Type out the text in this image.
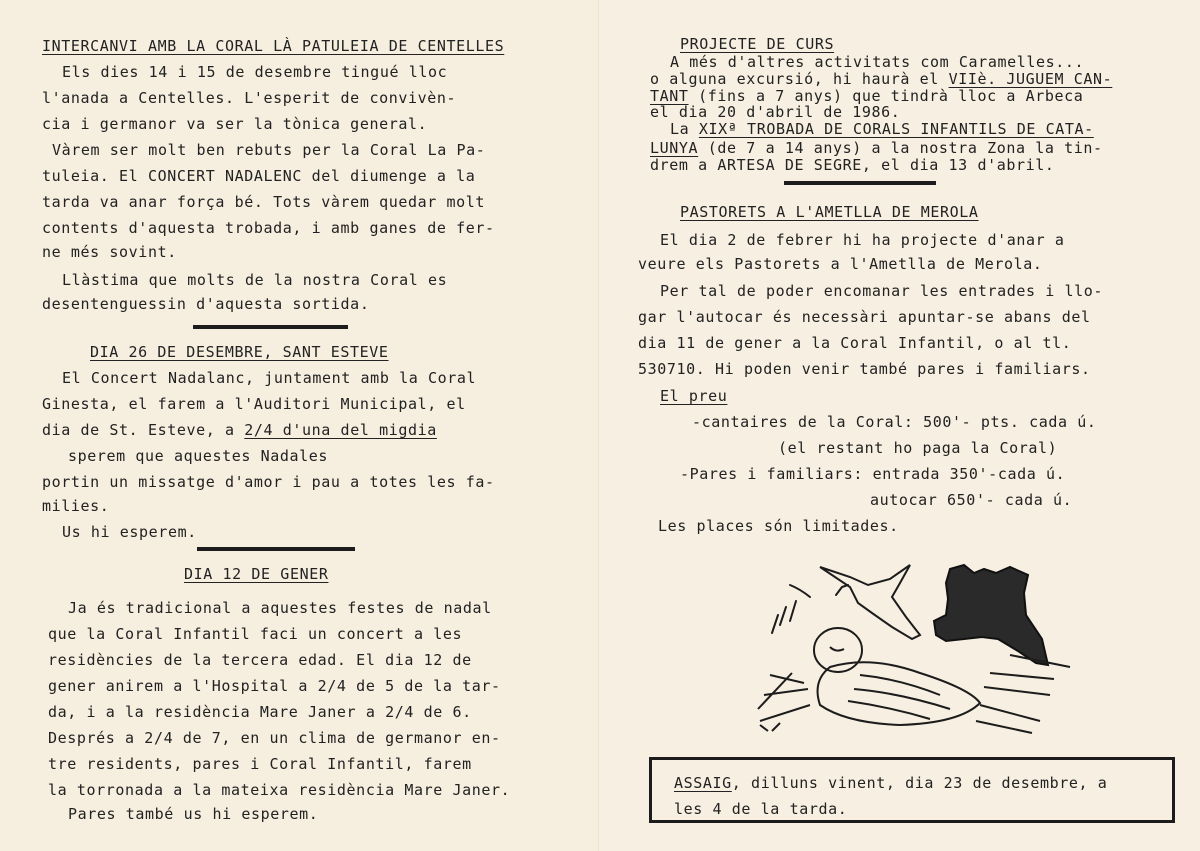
INTERCANVI AMB LA CORAL LÀ PATULEIA DE CENTELLES
Els dies 14 i 15 de desembre tingué lloc
l'anada a Centelles. L'esperit de convivèn-
cia i germanor va ser la tònica general.
Vàrem ser molt ben rebuts per la Coral La Pa-
tuleia. El CONCERT NADALENC del diumenge a la
tarda va anar força bé. Tots vàrem quedar molt
contents d'aquesta trobada, i amb ganes de fer-
ne més sovint.
Llàstima que molts de la nostra Coral es
desentenguessin d'aquesta sortida.
DIA 26 DE DESEMBRE, SANT ESTEVE
El Concert Nadalanc, juntament amb la Coral
Ginesta, el farem a l'Auditori Municipal, el
dia de St. Esteve, a 2/4 d'una del migdia
sperem que aquestes Nadales
portin un missatge d'amor i pau a totes les fa-
milies.
Us hi esperem.
DIA 12 DE GENER
Ja és tradicional a aquestes festes de nadal
que la Coral Infantil faci un concert a les
residències de la tercera edad. El dia 12 de
gener anirem a l'Hospital a 2/4 de 5 de la tar-
da, i a la residència Mare Janer a 2/4 de 6.
Després a 2/4 de 7, en un clima de germanor en-
tre residents, pares i Coral Infantil, farem
la torronada a la mateixa residència Mare Janer.
Pares també us hi esperem.
PROJECTE DE CURS
A més d'altres activitats com Caramelles...
o alguna excursió, hi haurà el VIIè. JUGUEM CAN-
TANT (fins a 7 anys) que tindrà lloc a Arbeca
el dia 20 d'abril de 1986.
La XIXª TROBADA DE CORALS INFANTILS DE CATA-
LUNYA (de 7 a 14 anys) a la nostra Zona la tin-
drem a ARTESA DE SEGRE, el dia 13 d'abril.
PASTORETS A L'AMETLLA DE MEROLA
El dia 2 de febrer hi ha projecte d'anar a
veure els Pastorets a l'Ametlla de Merola.
Per tal de poder encomanar les entrades i llo-
gar l'autocar és necessàri apuntar-se abans del
dia 11 de gener a la Coral Infantil, o al tl.
530710. Hi poden venir també pares i familiars.
El preu
-cantaires de la Coral: 500'- pts. cada ú.
(el restant ho paga la Coral)
-Pares i familiars: entrada 350'-cada ú.
autocar 650'- cada ú.
Les places són limitades.
ASSAIG, dilluns vinent, dia 23 de desembre, a
les 4 de la tarda.
